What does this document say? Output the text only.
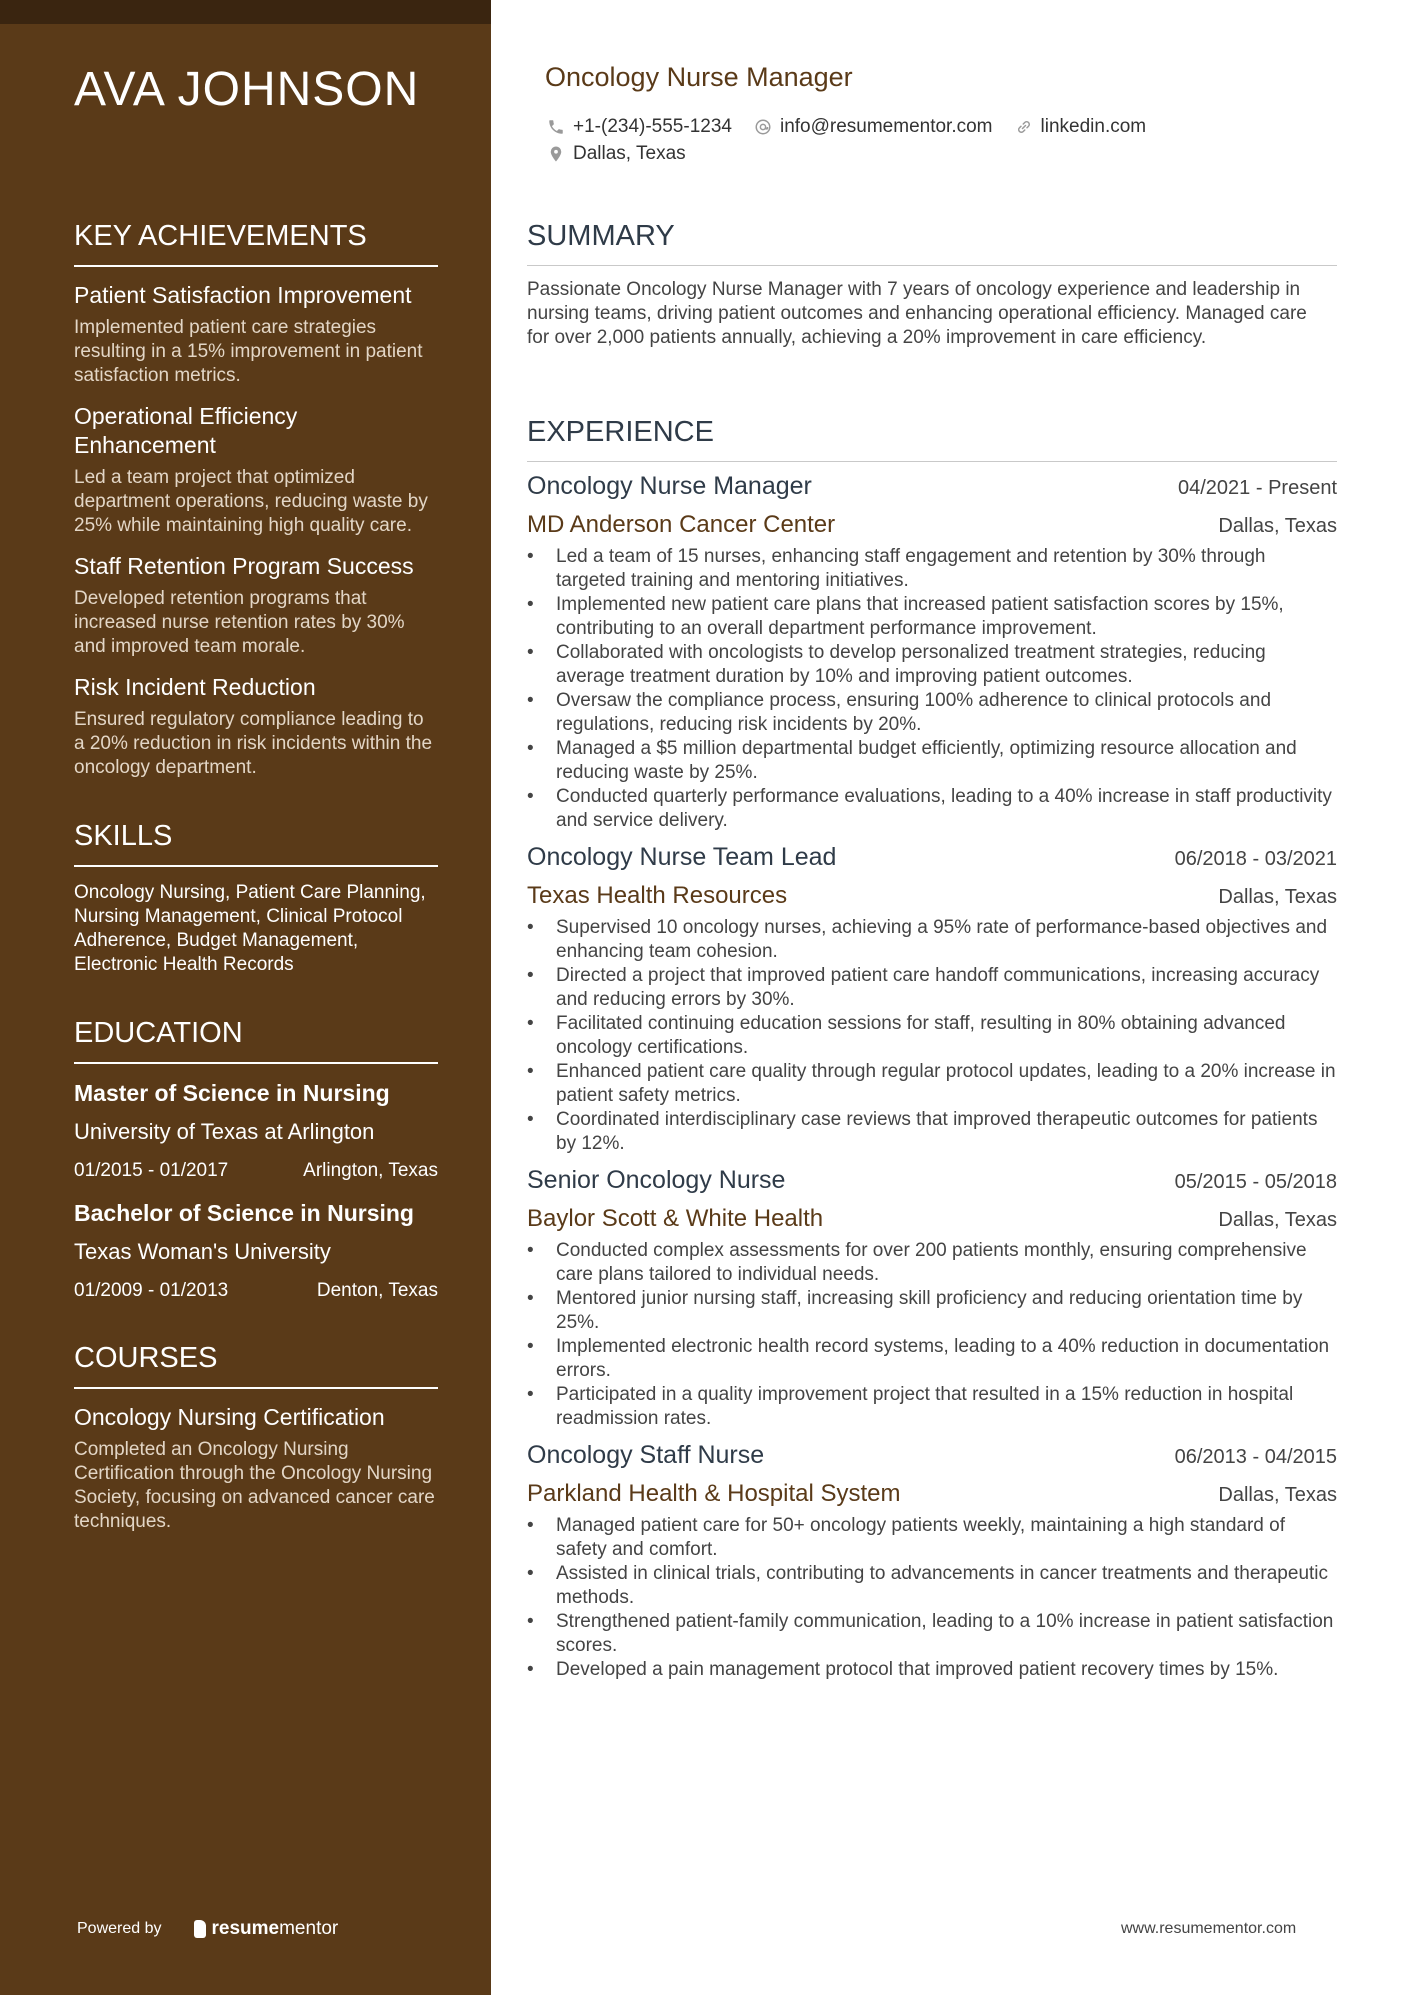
AVA JOHNSON
KEY ACHIEVEMENTS
Patient Satisfaction Improvement
Implemented patient care strategies resulting in a 15% improvement in patient satisfaction metrics.
Operational Efficiency Enhancement
Led a team project that optimized department operations, reducing waste by 25% while maintaining high quality care.
Staff Retention Program Success
Developed retention programs that increased nurse retention rates by 30% and improved team morale.
Risk Incident Reduction
Ensured regulatory compliance leading to a 20% reduction in risk incidents within the oncology department.
SKILLS
Oncology Nursing, Patient Care Planning, Nursing Management, Clinical Protocol Adherence, Budget Management, Electronic Health Records
EDUCATION
Master of Science in Nursing
University of Texas at Arlington
01/2015 - 01/2017	Arlington, Texas
Bachelor of Science in Nursing
Texas Woman's University
01/2009 - 01/2013	Denton, Texas
COURSES
Oncology Nursing Certification
Completed an Oncology Nursing Certification through the Oncology Nursing Society, focusing on advanced cancer care techniques.
Powered by	resume mentor
Oncology Nurse Manager
+1-(234)-555-1234	info@resumementor.com	linkedin.com
Dallas, Texas
SUMMARY
Passionate Oncology Nurse Manager with 7 years of oncology experience and leadership in nursing teams, driving patient outcomes and enhancing operational efficiency. Managed care for over 2,000 patients annually, achieving a 20% improvement in care efficiency.
EXPERIENCE
Oncology Nurse Manager	04/2021 - Present
MD Anderson Cancer Center	Dallas, Texas
• Led a team of 15 nurses, enhancing staff engagement and retention by 30% through targeted training and mentoring initiatives.
• Implemented new patient care plans that increased patient satisfaction scores by 15%, contributing to an overall department performance improvement.
• Collaborated with oncologists to develop personalized treatment strategies, reducing average treatment duration by 10% and improving patient outcomes.
• Oversaw the compliance process, ensuring 100% adherence to clinical protocols and regulations, reducing risk incidents by 20%.
• Managed a $5 million departmental budget efficiently, optimizing resource allocation and reducing waste by 25%.
• Conducted quarterly performance evaluations, leading to a 40% increase in staff productivity and service delivery.
Oncology Nurse Team Lead	06/2018 - 03/2021
Texas Health Resources	Dallas, Texas
• Supervised 10 oncology nurses, achieving a 95% rate of performance-based objectives and enhancing team cohesion.
• Directed a project that improved patient care handoff communications, increasing accuracy and reducing errors by 30%.
• Facilitated continuing education sessions for staff, resulting in 80% obtaining advanced oncology certifications.
• Enhanced patient care quality through regular protocol updates, leading to a 20% increase in patient safety metrics.
• Coordinated interdisciplinary case reviews that improved therapeutic outcomes for patients by 12%.
Senior Oncology Nurse	05/2015 - 05/2018
Baylor Scott & White Health	Dallas, Texas
• Conducted complex assessments for over 200 patients monthly, ensuring comprehensive care plans tailored to individual needs.
• Mentored junior nursing staff, increasing skill proficiency and reducing orientation time by 25%.
• Implemented electronic health record systems, leading to a 40% reduction in documentation errors.
• Participated in a quality improvement project that resulted in a 15% reduction in hospital readmission rates.
Oncology Staff Nurse	06/2013 - 04/2015
Parkland Health & Hospital System	Dallas, Texas
• Managed patient care for 50+ oncology patients weekly, maintaining a high standard of safety and comfort.
• Assisted in clinical trials, contributing to advancements in cancer treatments and therapeutic methods.
• Strengthened patient-family communication, leading to a 10% increase in patient satisfaction scores.
• Developed a pain management protocol that improved patient recovery times by 15%.
www.resumementor.com
